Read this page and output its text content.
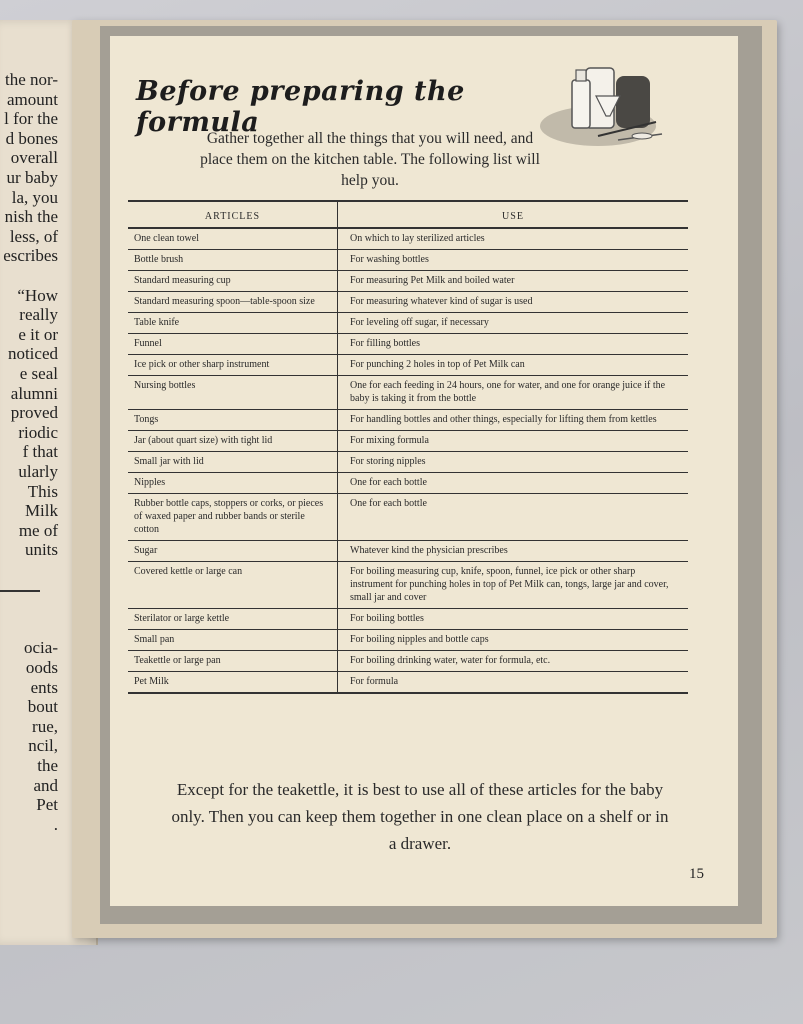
the nor-
amount
l for the
d bones
overall
ur baby
la, you
nish the
less, of
escribes
“How
really
e it or
noticed
e seal
alumni
proved
riodic
f that
ularly
This
Milk
me of
units
ocia-
oods
ents
bout
rue,
ncil,
the
and
Pet
.
Before preparing the formula
Gather together all the things that you will need, and place them on the kitchen table. The following list will help you.
ARTICLES	USE
One clean towel	On which to lay sterilized articles
Bottle brush	For washing bottles
Standard measuring cup	For measuring Pet Milk and boiled water
Standard measuring spoon—table-spoon size	For measuring whatever kind of sugar is used
Table knife	For leveling off sugar, if necessary
Funnel	For filling bottles
Ice pick or other sharp instrument	For punching 2 holes in top of Pet Milk can
Nursing bottles	One for each feeding in 24 hours, one for water, and one for orange juice if the baby is taking it from the bottle
Tongs	For handling bottles and other things, especially for lifting them from kettles
Jar (about quart size) with tight lid	For mixing formula
Small jar with lid	For storing nipples
Nipples	One for each bottle
Rubber bottle caps, stoppers or corks, or pieces of waxed paper and rubber bands or sterile cotton	One for each bottle
Sugar	Whatever kind the physician prescribes
Covered kettle or large can	For boiling measuring cup, knife, spoon, funnel, ice pick or other sharp instrument for punching holes in top of Pet Milk can, tongs, large jar and cover, small jar and cover
Sterilator or large kettle	For boiling bottles
Small pan	For boiling nipples and bottle caps
Teakettle or large pan	For boiling drinking water, water for formula, etc.
Pet Milk	For formula
Except for the teakettle, it is best to use all of these articles for the baby only. Then you can keep them together in one clean place on a shelf or in a drawer.
15
